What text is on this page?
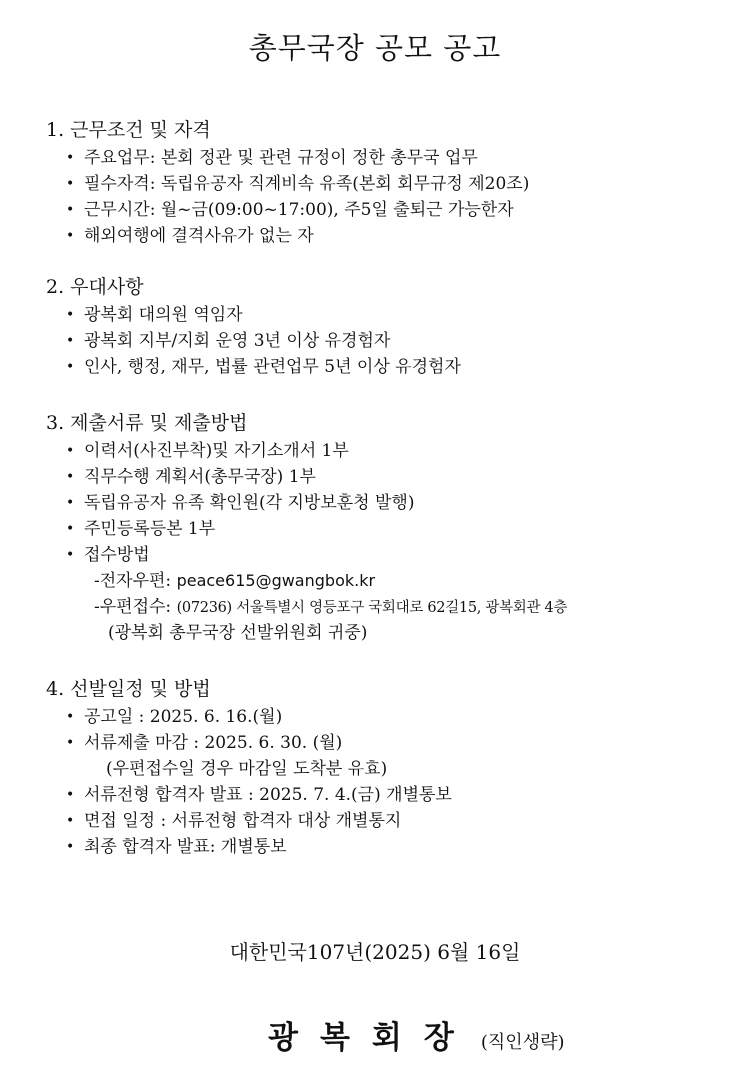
총무국장 공모 공고
1. 근무조건 및 자격
• 주요업무: 본회 정관 및 관련 규정이 정한 총무국 업무
• 필수자격: 독립유공자 직계비속 유족(본회 회무규정 제20조)
• 근무시간: 월~금(09:00~17:00), 주5일 출퇴근 가능한자
• 해외여행에 결격사유가 없는 자
2. 우대사항
• 광복회 대의원 역임자
• 광복회 지부/지회 운영 3년 이상 유경험자
• 인사, 행정, 재무, 법률 관련업무 5년 이상 유경험자
3. 제출서류 및 제출방법
• 이력서(사진부착)및 자기소개서 1부
• 직무수행 계획서(총무국장) 1부
• 독립유공자 유족 확인원(각 지방보훈청 발행)
• 주민등록등본 1부
• 접수방법
-전자우편: peace615@gwangbok.kr
-우편접수: (07236) 서울특별시 영등포구 국회대로 62길15, 광복회관 4층
(광복회 총무국장 선발위원회 귀중)
4. 선발일정 및 방법
• 공고일 : 2025. 6. 16.(월)
• 서류제출 마감 : 2025. 6. 30. (월)
(우편접수일 경우 마감일 도착분 유효)
• 서류전형 합격자 발표 : 2025. 7. 4.(금) 개별통보
• 면접 일정 : 서류전형 합격자 대상 개별통지
• 최종 합격자 발표: 개별통보
대한민국107년(2025) 6월 16일
광복회장 (직인생략)
